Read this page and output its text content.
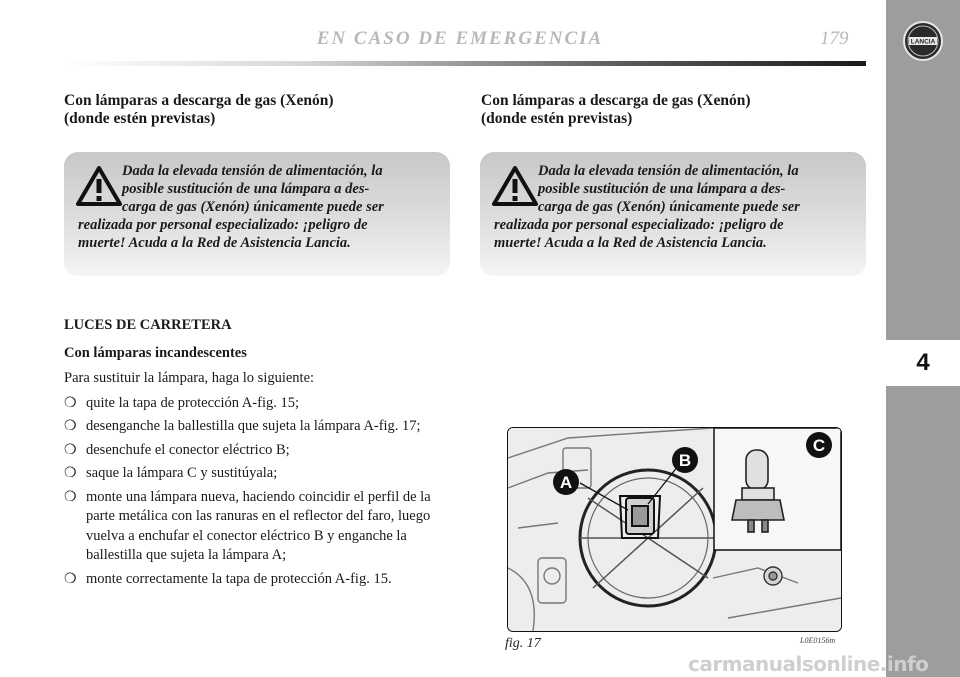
EN CASO DE EMERGENCIA	179	LANCIA
4
Con lámparas a descarga de gas (Xenón)
(donde estén previstas)
Dada la elevada tensión de alimentación, la
posible sustitución de una lámpara a des-
carga de gas (Xenón) únicamente puede ser
realizada por personal especializado: ¡peligro de
muerte! Acuda a la Red de Asistencia Lancia.
Con lámparas a descarga de gas (Xenón)
(donde estén previstas)
Dada la elevada tensión de alimentación, la
posible sustitución de una lámpara a des-
carga de gas (Xenón) únicamente puede ser
realizada por personal especializado: ¡peligro de
muerte! Acuda a la Red de Asistencia Lancia.
LUCES DE CARRETERA
Con lámparas incandescentes

Para sustituir la lámpara, haga lo siguiente:

❍ quite la tapa de protección A-fig. 15;
❍ desenganche la ballestilla que sujeta la lámpara A-fig. 17;
❍ desenchufe el conector eléctrico B;
❍ saque la lámpara C y sustitúyala;
❍ monte una lámpara nueva, haciendo coincidir el perfil de la parte metálica con las ranuras en el reflector del faro, luego vuelva a enchufar el conector eléctrico B y enganche la ballestilla que sujeta la lámpara A;
❍ monte correctamente la tapa de protección A-fig. 15.
A
B
C
fig. 17	L0E0156m
carmanualsonline.info
